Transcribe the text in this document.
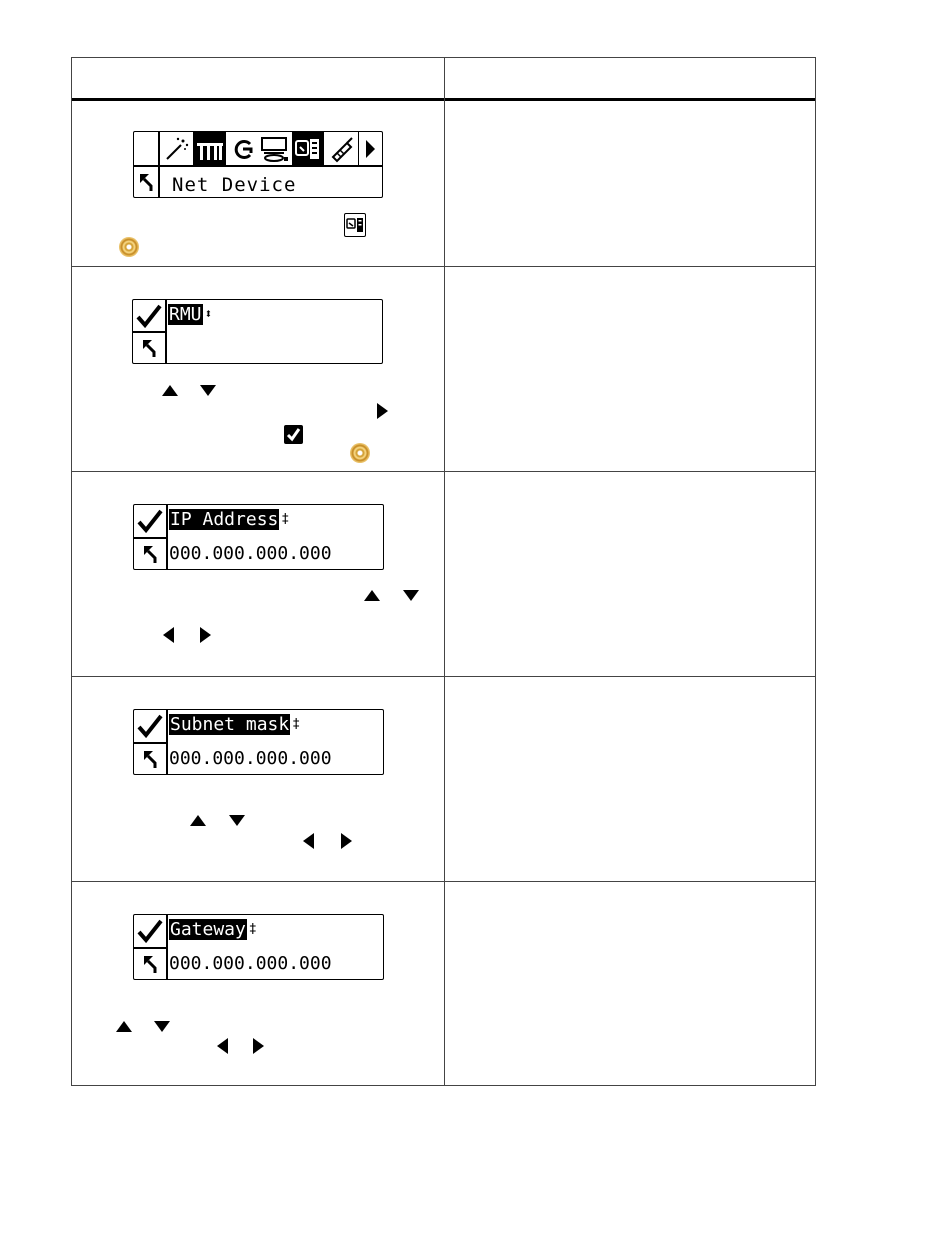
Net Device
RMU ⬍
IP Address ‡
000.000.000.000
Subnet mask ‡
000.000.000.000
Gateway ‡
000.000.000.000
